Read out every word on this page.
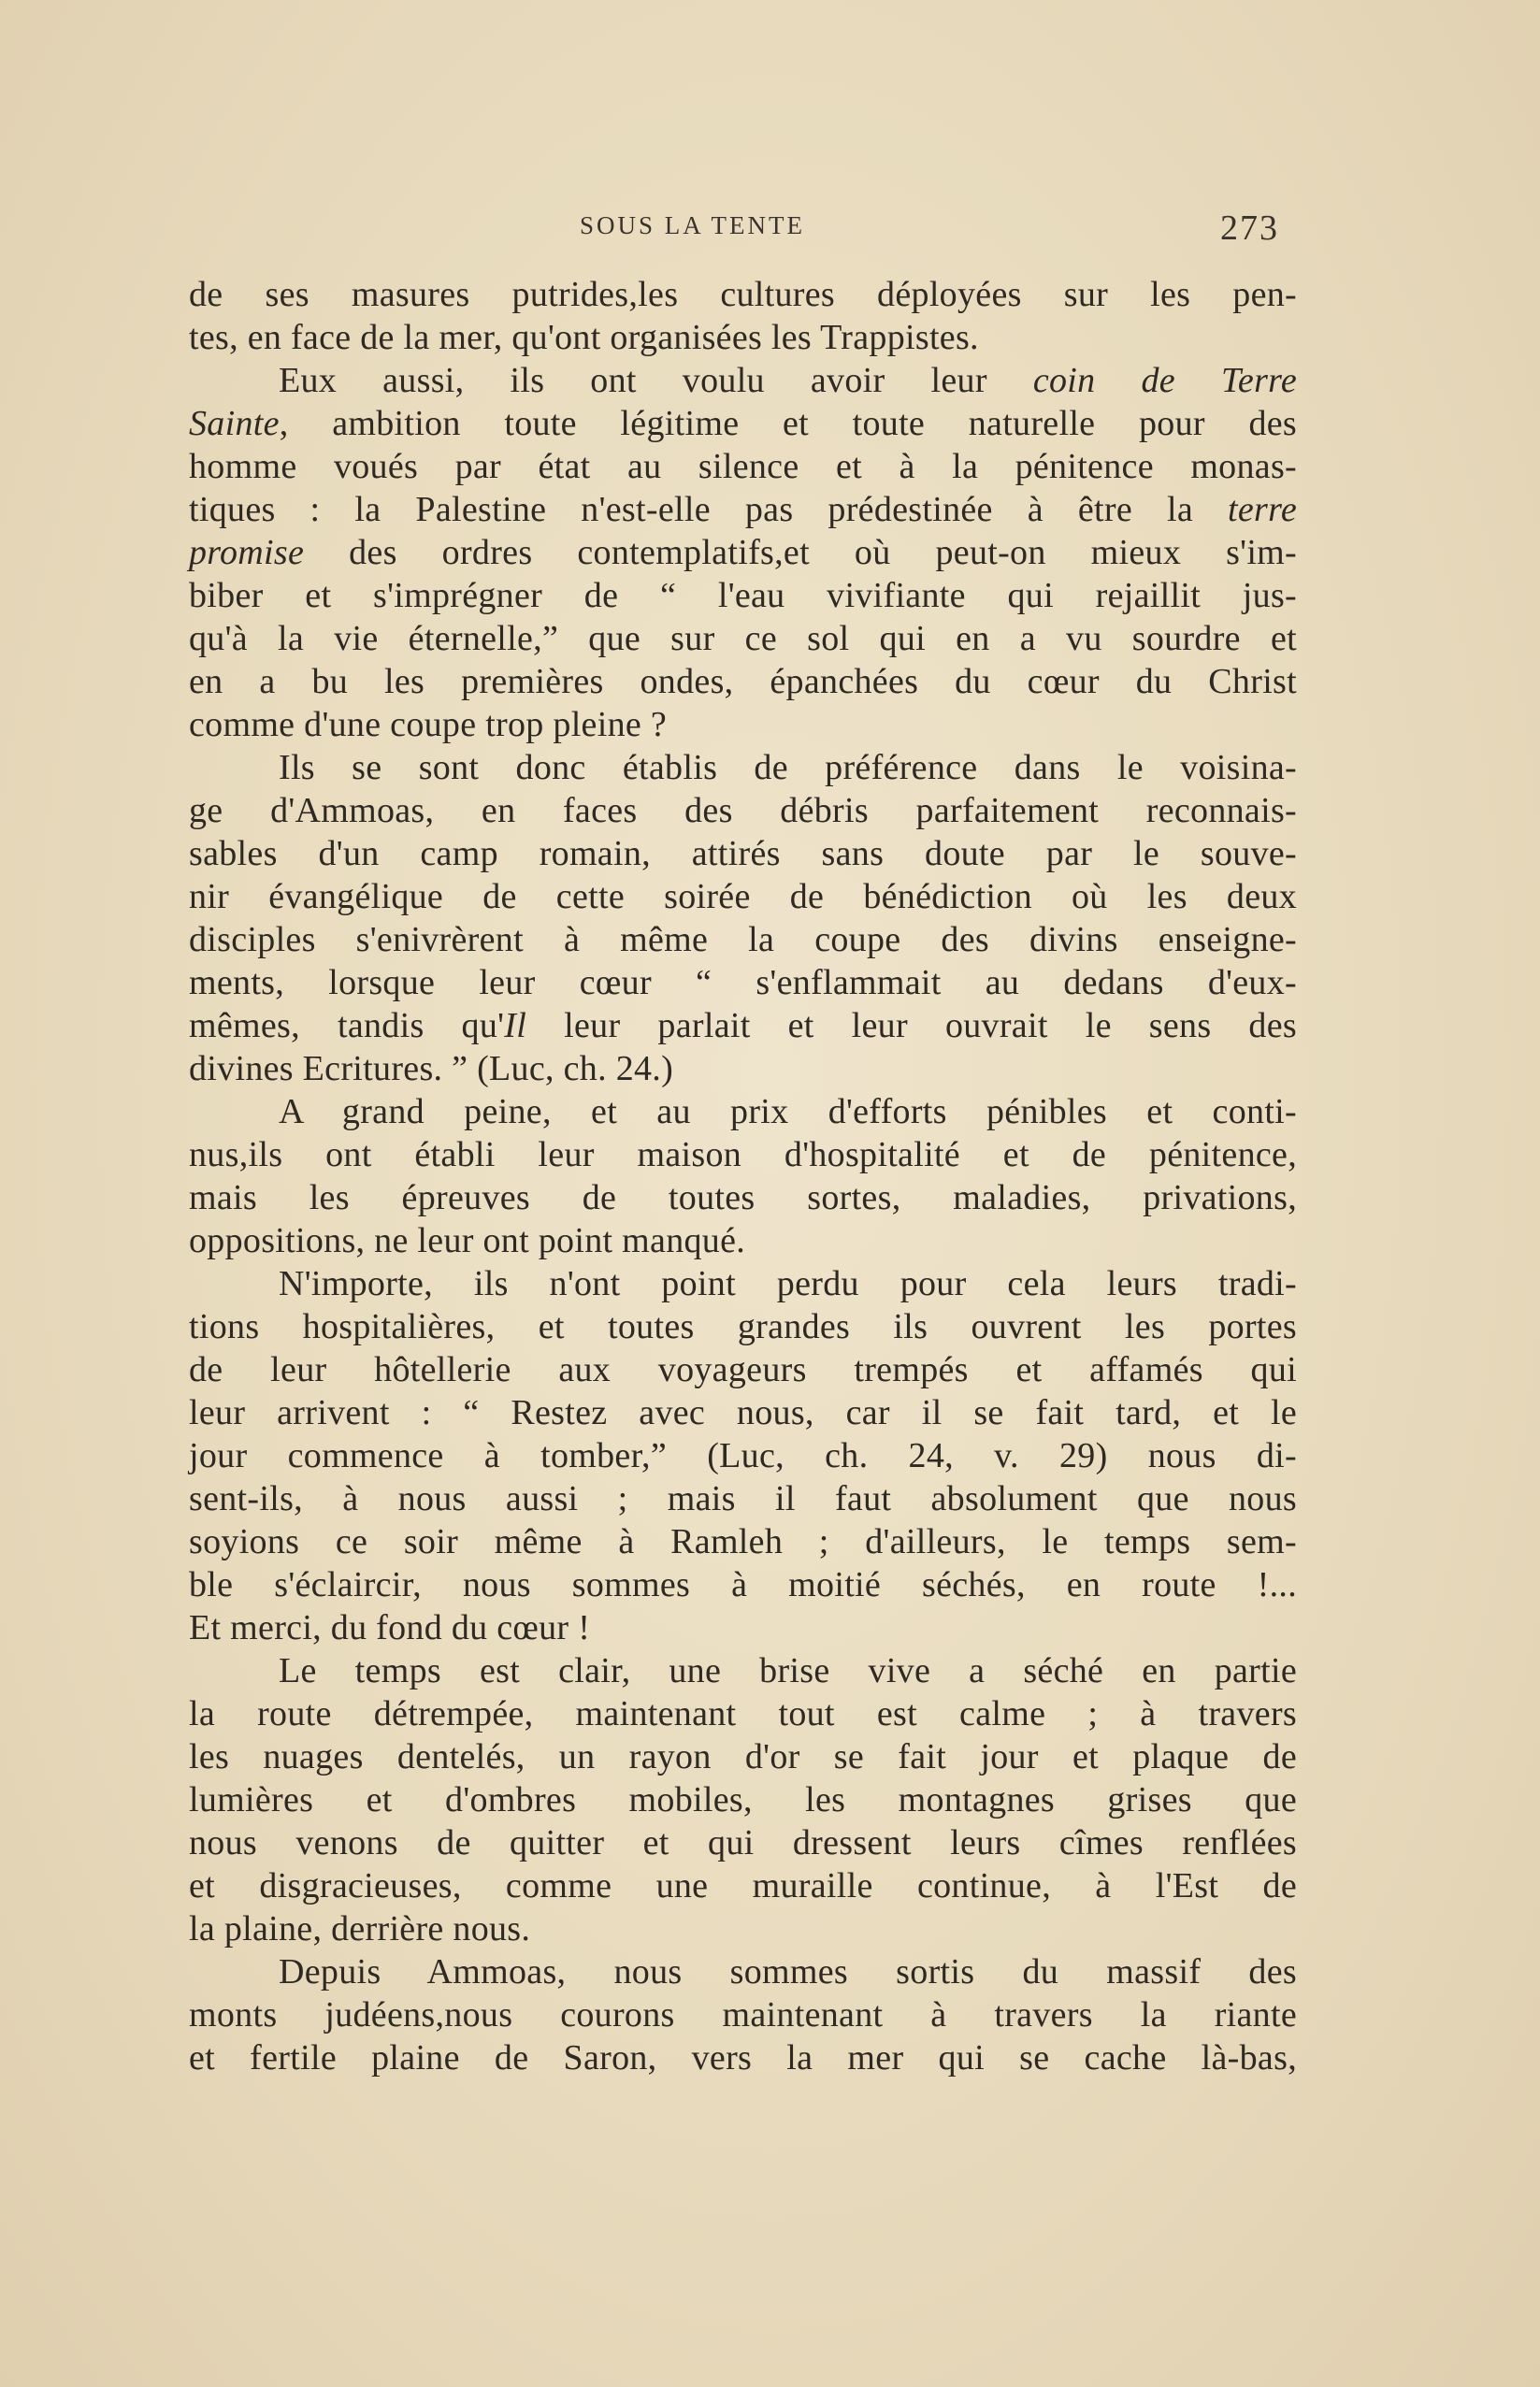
SOUS LA TENTE	273
de ses masures putrides,les cultures déployées sur les pen-
tes, en face de la mer, qu'ont organisées les Trappistes.
Eux aussi, ils ont voulu avoir leur coin de Terre
Sainte, ambition toute légitime et toute naturelle pour des
homme voués par état au silence et à la pénitence monas-
tiques : la Palestine n'est-elle pas prédestinée à être la terre
promise des ordres contemplatifs,et où peut-on mieux s'im-
biber et s'imprégner de “ l'eau vivifiante qui rejaillit jus-
qu'à la vie éternelle,” que sur ce sol qui en a vu sourdre et
en a bu les premières ondes, épanchées du cœur du Christ
comme d'une coupe trop pleine ?
Ils se sont donc établis de préférence dans le voisina-
ge d'Ammoas, en faces des débris parfaitement reconnais-
sables d'un camp romain, attirés sans doute par le souve-
nir évangélique de cette soirée de bénédiction où les deux
disciples s'enivrèrent à même la coupe des divins enseigne-
ments, lorsque leur cœur “ s'enflammait au dedans d'eux-
mêmes, tandis qu'Il leur parlait et leur ouvrait le sens des
divines Ecritures. ” (Luc, ch. 24.)
A grand peine, et au prix d'efforts pénibles et conti-
nus,ils ont établi leur maison d'hospitalité et de pénitence,
mais les épreuves de toutes sortes, maladies, privations,
oppositions, ne leur ont point manqué.
N'importe, ils n'ont point perdu pour cela leurs tradi-
tions hospitalières, et toutes grandes ils ouvrent les portes
de leur hôtellerie aux voyageurs trempés et affamés qui
leur arrivent : “ Restez avec nous, car il se fait tard, et le
jour commence à tomber,” (Luc, ch. 24, v. 29) nous di-
sent-ils, à nous aussi ; mais il faut absolument que nous
soyions ce soir même à Ramleh ; d'ailleurs, le temps sem-
ble s'éclaircir, nous sommes à moitié séchés, en route !...
Et merci, du fond du cœur !
Le temps est clair, une brise vive a séché en partie
la route détrempée, maintenant tout est calme ; à travers
les nuages dentelés, un rayon d'or se fait jour et plaque de
lumières et d'ombres mobiles, les montagnes grises que
nous venons de quitter et qui dressent leurs cîmes renflées
et disgracieuses, comme une muraille continue, à l'Est de
la plaine, derrière nous.
Depuis Ammoas, nous sommes sortis du massif des
monts judéens,nous courons maintenant à travers la riante
et fertile plaine de Saron, vers la mer qui se cache là-bas,
